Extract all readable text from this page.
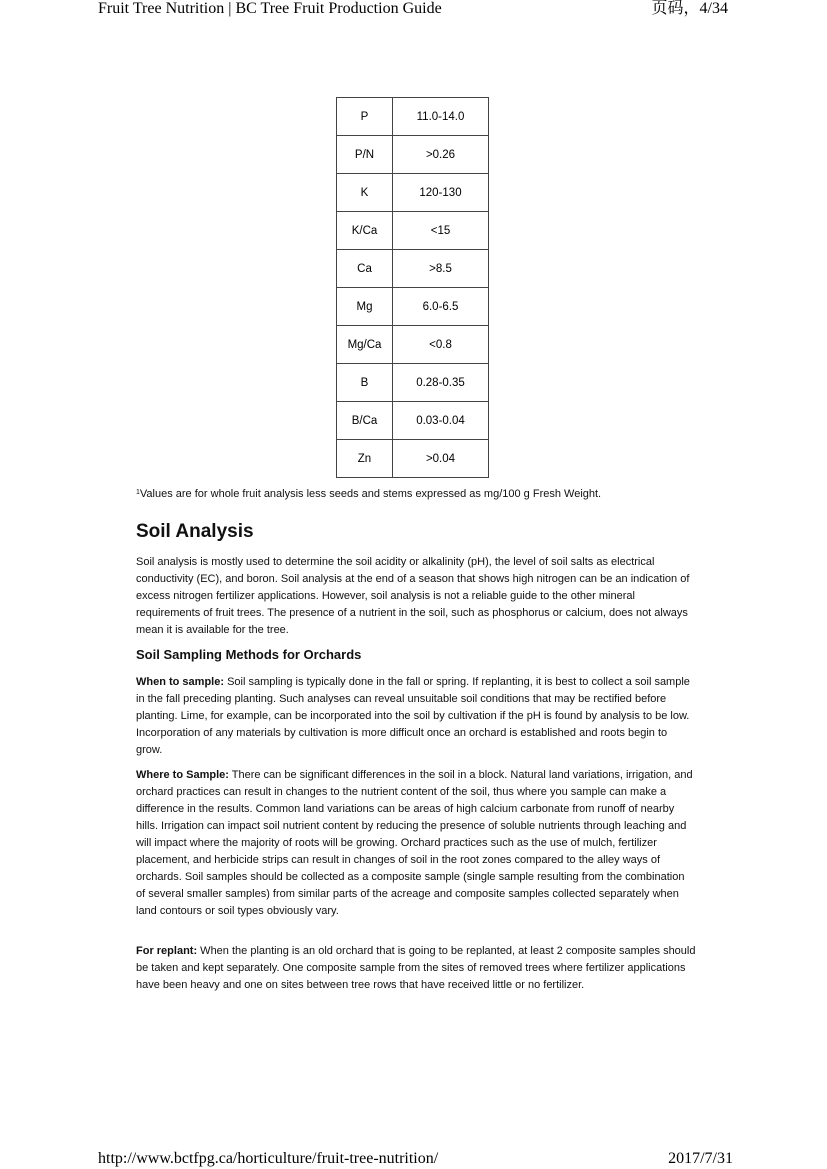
Fruit Tree Nutrition | BC Tree Fruit Production Guide	页码，4/34
P	11.0-14.0
P/N	>0.26
K	120-130
K/Ca	<15
Ca	>8.5
Mg	6.0-6.5
Mg/Ca	<0.8
B	0.28-0.35
B/Ca	0.03-0.04
Zn	>0.04
$^1$Values are for whole fruit analysis less seeds and stems expressed as mg/100 g Fresh Weight.
Soil Analysis

Soil analysis is mostly used to determine the soil acidity or alkalinity (pH), the level of soil salts as electrical conductivity (EC), and boron. Soil analysis at the end of a season that shows high nitrogen can be an indication of excess nitrogen fertilizer applications. However, soil analysis is not a reliable guide to the other mineral requirements of fruit trees. The presence of a nutrient in the soil, such as phosphorus or calcium, does not always mean it is available for the tree.

Soil Sampling Methods for Orchards

When to sample: Soil sampling is typically done in the fall or spring. If replanting, it is best to collect a soil sample in the fall preceding planting. Such analyses can reveal unsuitable soil conditions that may be rectified before planting. Lime, for example, can be incorporated into the soil by cultivation if the pH is found by analysis to be low. Incorporation of any materials by cultivation is more difficult once an orchard is established and roots begin to grow.

Where to Sample: There can be significant differences in the soil in a block. Natural land variations, irrigation, and orchard practices can result in changes to the nutrient content of the soil, thus where you sample can make a difference in the results. Common land variations can be areas of high calcium carbonate from runoff of nearby hills. Irrigation can impact soil nutrient content by reducing the presence of soluble nutrients through leaching and will impact where the majority of roots will be growing. Orchard practices such as the use of mulch, fertilizer placement, and herbicide strips can result in changes of soil in the root zones compared to the alley ways of orchards. Soil samples should be collected as a composite sample (single sample resulting from the combination of several smaller samples) from similar parts of the acreage and composite samples collected separately when land contours or soil types obviously vary.

For replant: When the planting is an old orchard that is going to be replanted, at least 2 composite samples should be taken and kept separately. One composite sample from the sites of removed trees where fertilizer applications have been heavy and one on sites between tree rows that have received little or no fertilizer.

http://www.bctfpg.ca/horticulture/fruit-tree-nutrition/	2017/7/31
